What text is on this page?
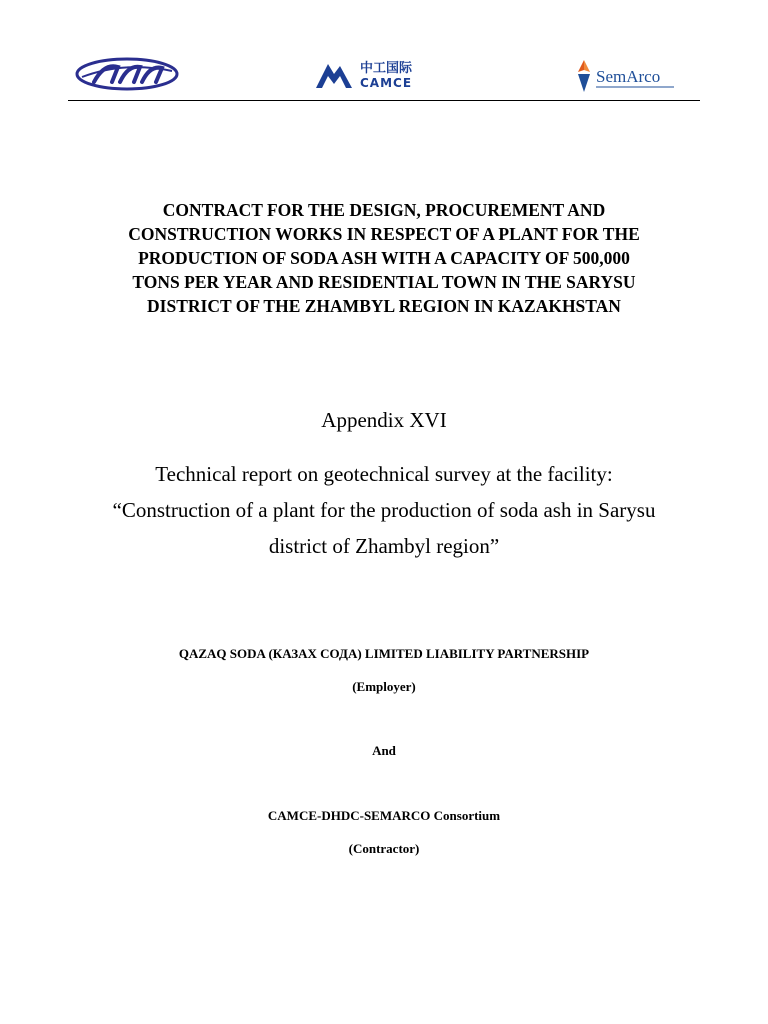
中工国际
CAMCE	SemArco
CONTRACT FOR THE DESIGN, PROCUREMENT AND
CONSTRUCTION WORKS IN RESPECT OF A PLANT FOR THE
PRODUCTION OF SODA ASH WITH A CAPACITY OF 500,000
TONS PER YEAR AND RESIDENTIAL TOWN IN THE SARYSU
DISTRICT OF THE ZHAMBYL REGION IN KAZAKHSTAN
Appendix XVI
Technical report on geotechnical survey at the facility:
“Construction of a plant for the production of soda ash in Sarysu
district of Zhambyl region”

QAZAQ SODA (КАЗАХ СОДА) LIMITED LIABILITY PARTNERSHIP

(Employer)

And

CAMCE-DHDC-SEMARCO Consortium

(Contractor)
